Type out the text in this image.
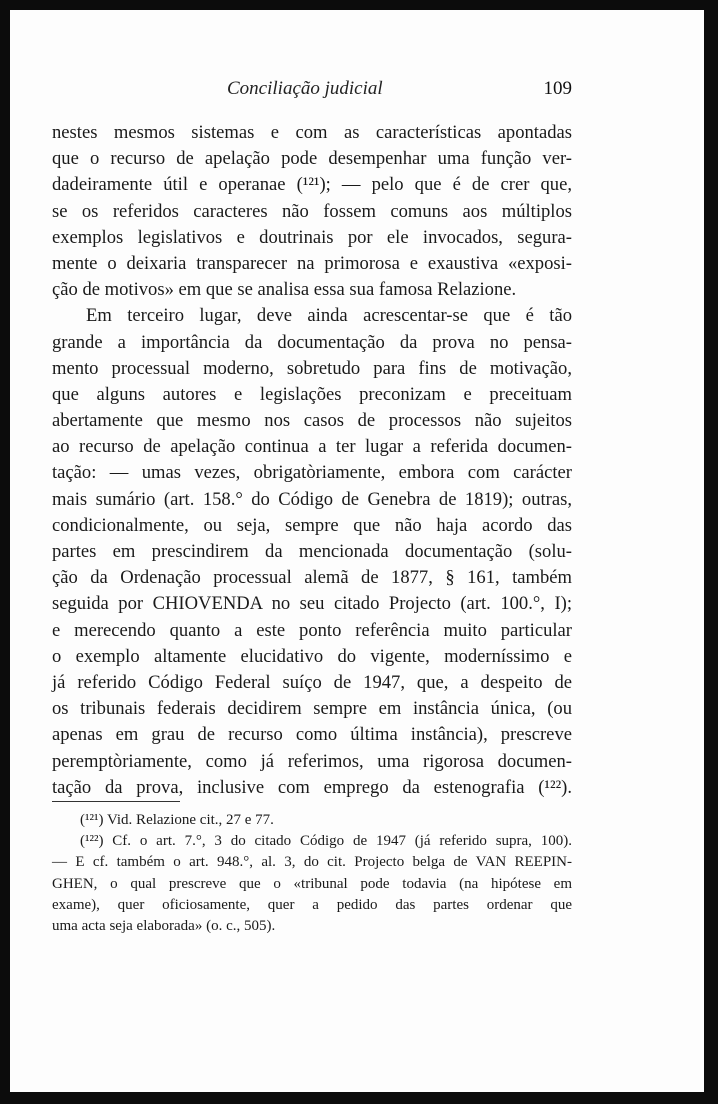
Conciliação judicial	109
nestes mesmos sistemas e com as características apontadas
que o recurso de apelação pode desempenhar uma função ver-
dadeiramente útil e operanae (¹²¹); — pelo que é de crer que,
se os referidos caracteres não fossem comuns aos múltiplos
exemplos legislativos e doutrinais por ele invocados, segura-
mente o deixaria transparecer na primorosa e exaustiva «exposi-
ção de motivos» em que se analisa essa sua famosa Relazione.
Em terceiro lugar, deve ainda acrescentar-se que é tão
grande a importância da documentação da prova no pensa-
mento processual moderno, sobretudo para fins de motivação,
que alguns autores e legislações preconizam e preceituam
abertamente que mesmo nos casos de processos não sujeitos
ao recurso de apelação continua a ter lugar a referida documen-
tação: — umas vezes, obrigatòriamente, embora com carácter
mais sumário (art. 158.° do Código de Genebra de 1819); outras,
condicionalmente, ou seja, sempre que não haja acordo das
partes em prescindirem da mencionada documentação (solu-
ção da Ordenação processual alemã de 1877, § 161, também
seguida por CHIOVENDA no seu citado Projecto (art. 100.°, I);
e merecendo quanto a este ponto referência muito particular
o exemplo altamente elucidativo do vigente, moderníssimo e
já referido Código Federal suíço de 1947, que, a despeito de
os tribunais federais decidirem sempre em instância única, (ou
apenas em grau de recurso como última instância), prescreve
peremptòriamente, como já referimos, uma rigorosa documen-
tação da prova, inclusive com emprego da estenografia (¹²²).
(¹²¹) Vid. Relazione cit., 27 e 77.
(¹²²) Cf. o art. 7.°, 3 do citado Código de 1947 (já referido supra, 100).
— E cf. também o art. 948.°, al. 3, do cit. Projecto belga de VAN REEPIN-
GHEN, o qual prescreve que o «tribunal pode todavia (na hipótese em
exame), quer oficiosamente, quer a pedido das partes ordenar que
uma acta seja elaborada» (o. c., 505).
